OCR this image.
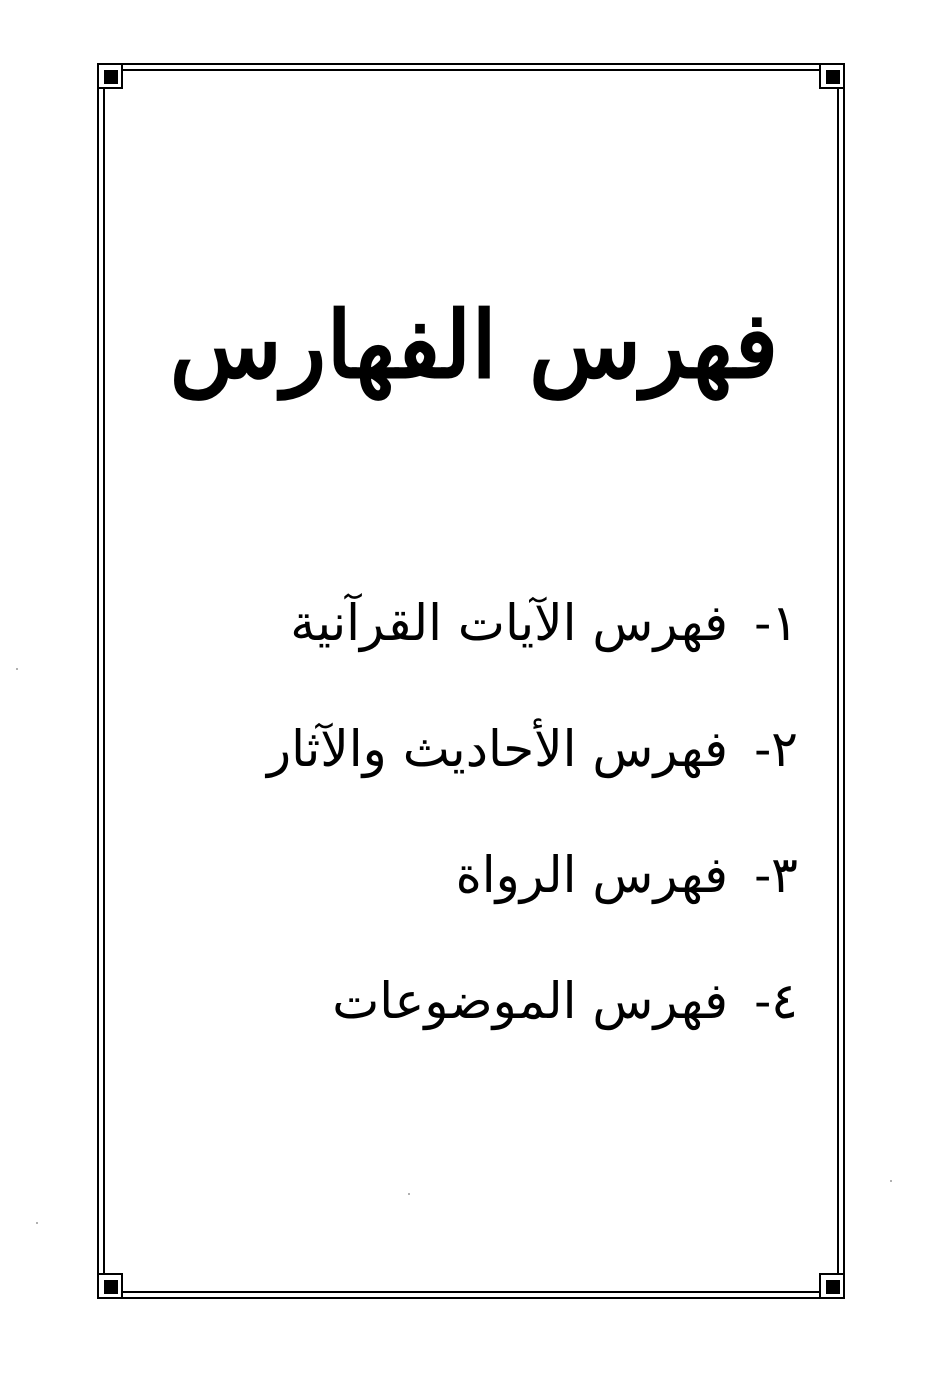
فهرس الفهارس
١-
فهرس الآيات القرآنية
٢-
فهرس الأحاديث والآثار
٣-
فهرس الرواة
٤-
فهرس الموضوعات
